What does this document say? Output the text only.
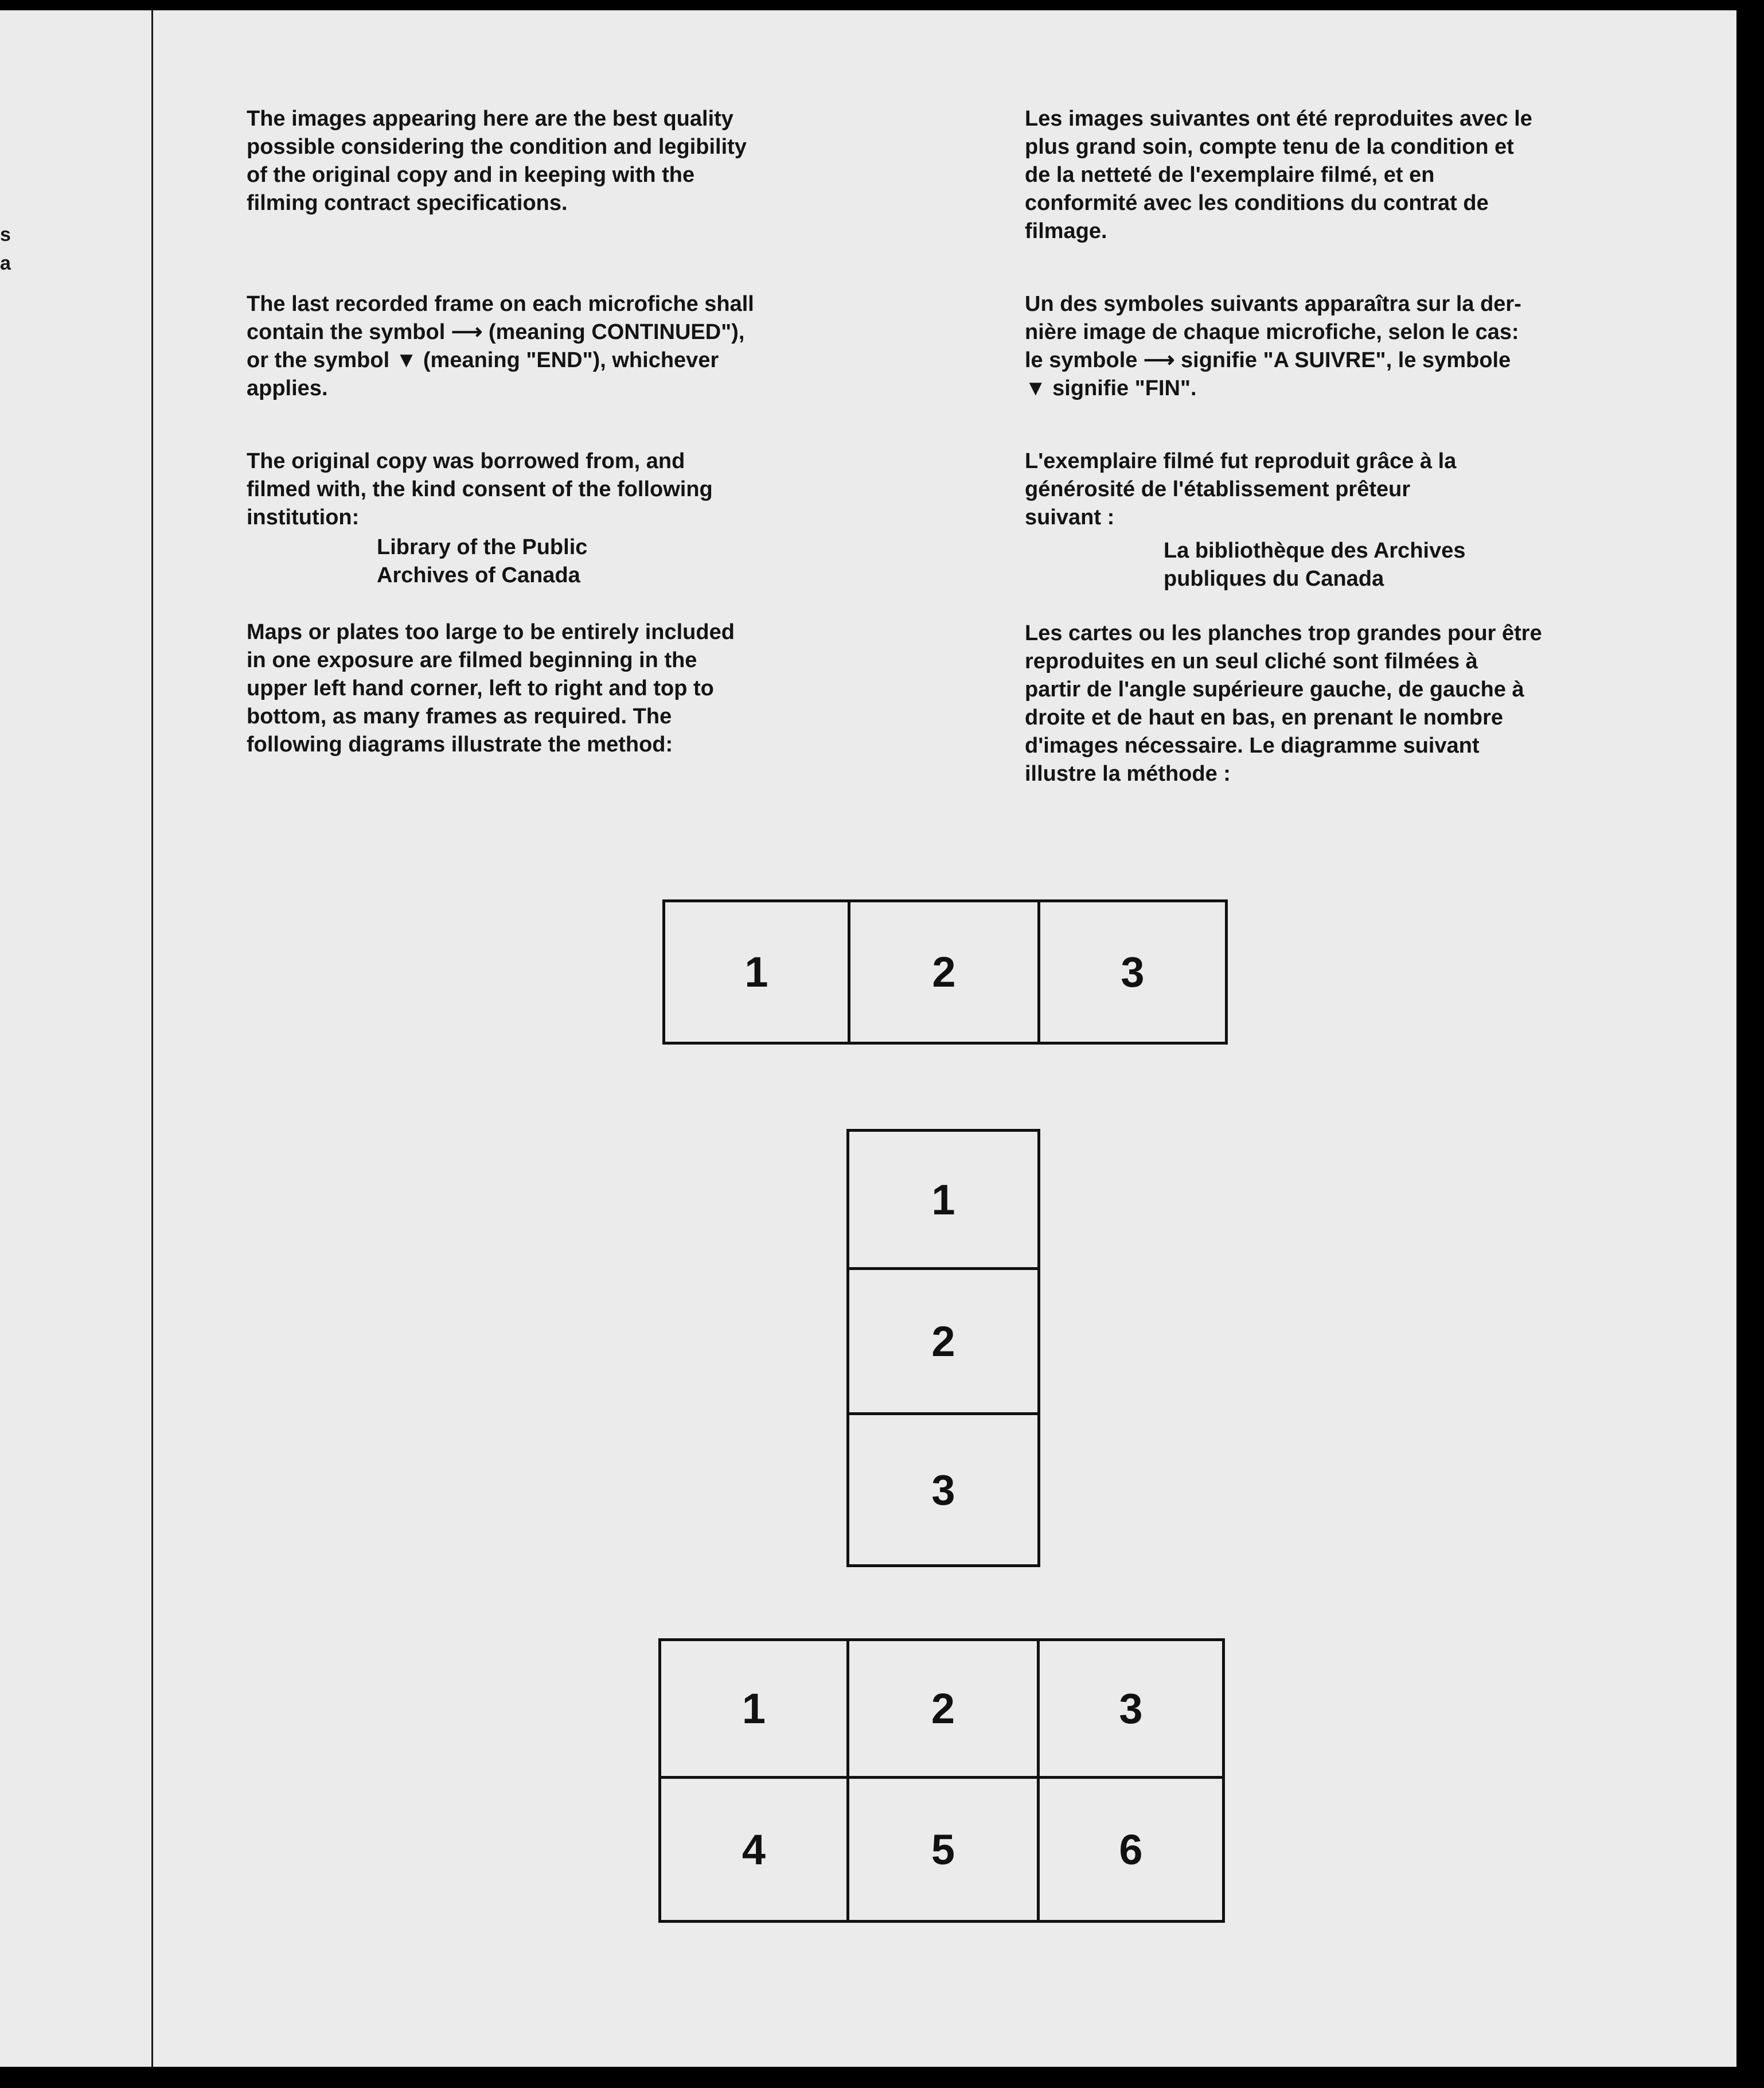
s
a

The images appearing here are the best quality
possible considering the condition and legibility
of the original copy and in keeping with the
filming contract specifications.

The last recorded frame on each microfiche shall
contain the symbol ⟶ (meaning CONTINUED"),
or the symbol ▼ (meaning "END"), whichever
applies.

The original copy was borrowed from, and
filmed with, the kind consent of the following
institution:

Library of the Public
Archives of Canada

Maps or plates too large to be entirely included
in one exposure are filmed beginning in the
upper left hand corner, left to right and top to
bottom, as many frames as required. The
following diagrams illustrate the method:

Les images suivantes ont été reproduites avec le
plus grand soin, compte tenu de la condition et
de la netteté de l'exemplaire filmé, et en
conformité avec les conditions du contrat de
filmage.

Un des symboles suivants apparaîtra sur la der-
nière image de chaque microfiche, selon le cas:
le symbole ⟶ signifie "A SUIVRE", le symbole
▼ signifie "FIN".

L'exemplaire filmé fut reproduit grâce à la
générosité de l'établissement prêteur
suivant :

La bibliothèque des Archives
publiques du Canada

Les cartes ou les planches trop grandes pour être
reproduites en un seul cliché sont filmées à
partir de l'angle supérieure gauche, de gauche à
droite et de haut en bas, en prenant le nombre
d'images nécessaire. Le diagramme suivant
illustre la méthode :

1	2	3
1
2
3
1	2	3
4	5	6
